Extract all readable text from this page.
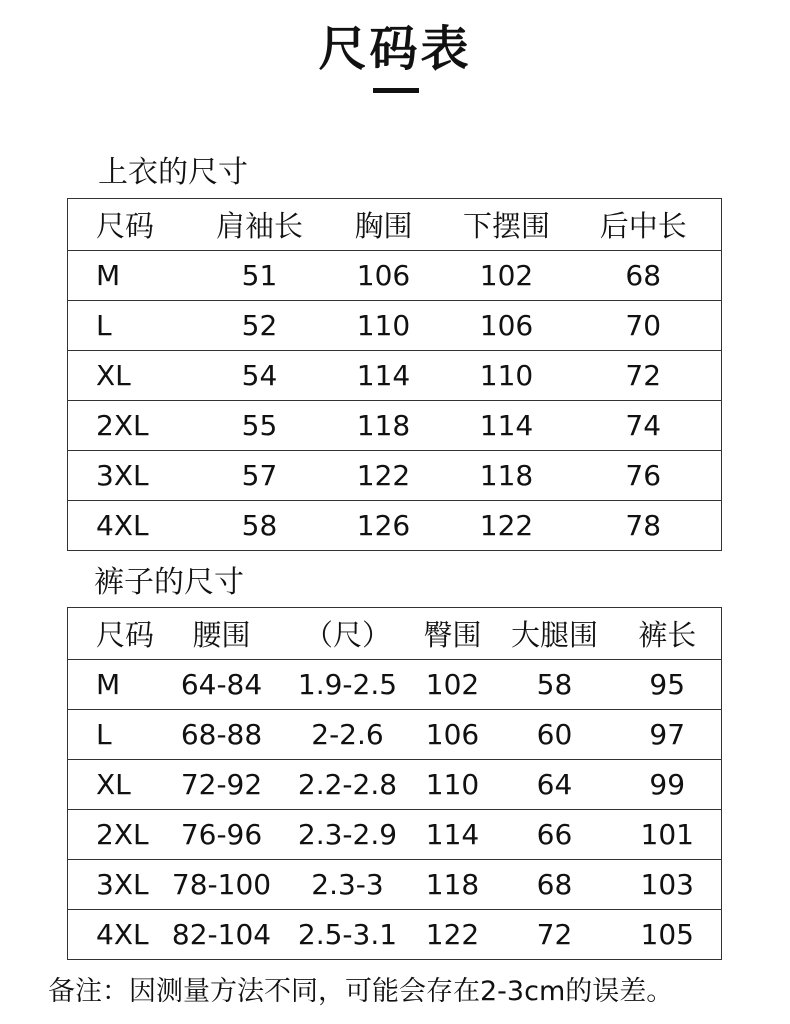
尺码表
上衣的尺寸
尺码	肩袖长	胸围	下摆围	后中长
M	51	106	102	68
L	52	110	106	70
XL	54	114	110	72
2XL	55	118	114	74
3XL	57	122	118	76
4XL	58	126	122	78
裤子的尺寸
尺码	腰围	（尺）	臀围	大腿围	裤长
M	64-84	1.9-2.5	102	58	95
L	68-88	2-2.6	106	60	97
XL	72-92	2.2-2.8	110	64	99
2XL	76-96	2.3-2.9	114	66	101
3XL	78-100	2.3-3	118	68	103
4XL	82-104	2.5-3.1	122	72	105
备注：因测量方法不同，可能会存在2-3cm的误差。
